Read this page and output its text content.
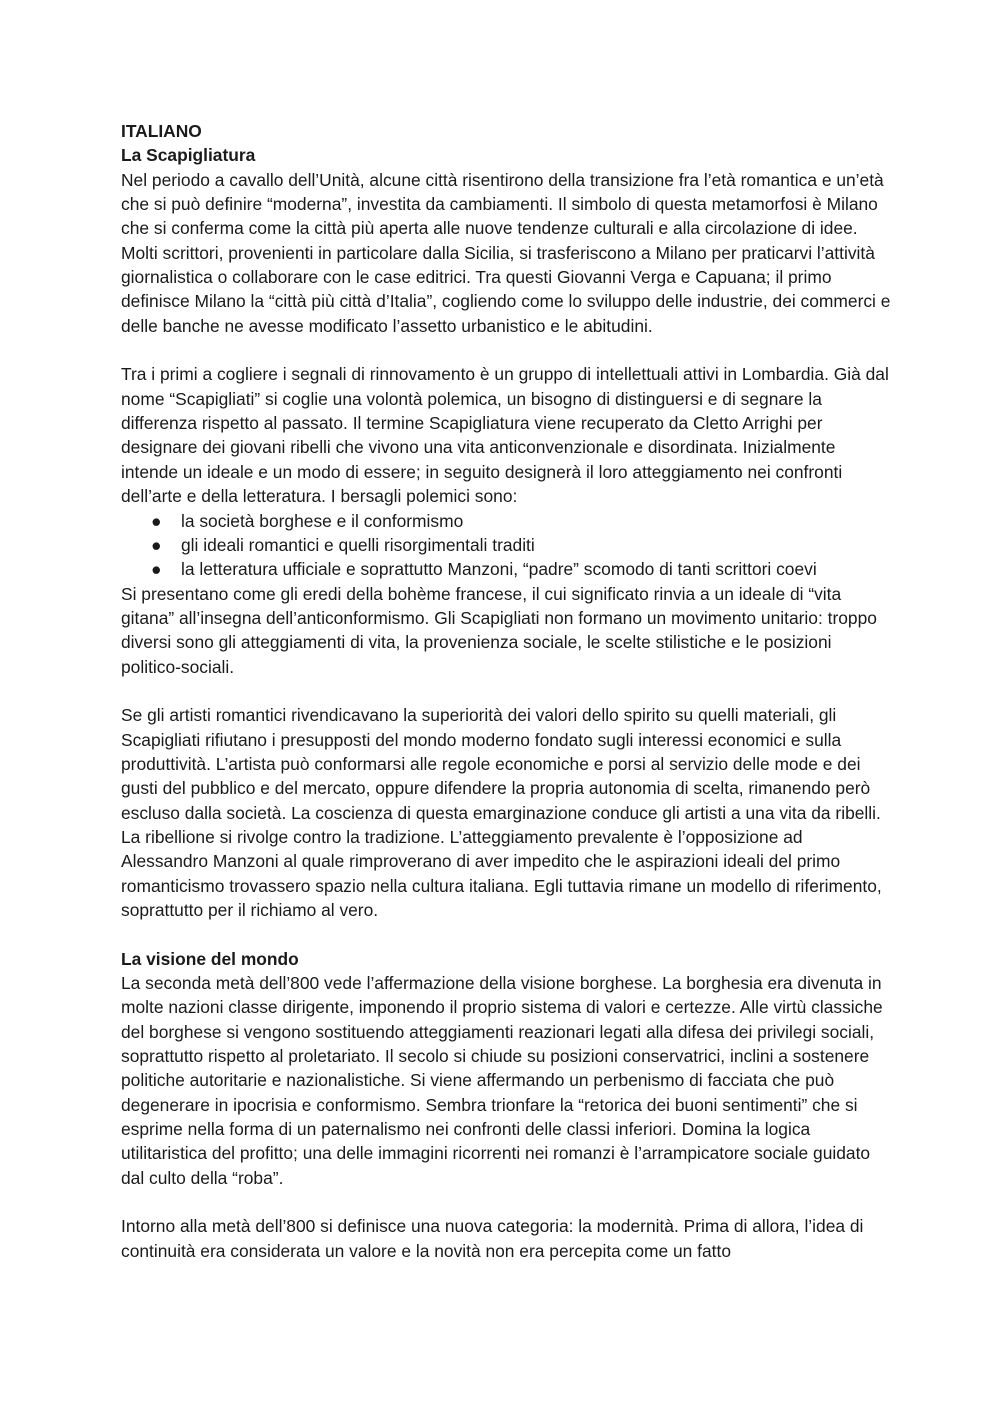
ITALIANO

La Scapigliatura

Nel periodo a cavallo dell’Unità, alcune città risentirono della transizione fra l’età romantica e un’età che si può definire “moderna”, investita da cambiamenti. Il simbolo di questa metamorfosi è Milano che si conferma come la città più aperta alle nuove tendenze culturali e alla circolazione di idee. Molti scrittori, provenienti in particolare dalla Sicilia, si trasferiscono a Milano per praticarvi l’attività giornalistica o collaborare con le case editrici. Tra questi Giovanni Verga e Capuana; il primo definisce Milano la “città più città d’Italia”, cogliendo come lo sviluppo delle industrie, dei commerci e delle banche ne avesse modificato l’assetto urbanistico e le abitudini.

Tra i primi a cogliere i segnali di rinnovamento è un gruppo di intellettuali attivi in Lombardia. Già dal nome “Scapigliati” si coglie una volontà polemica, un bisogno di distinguersi e di segnare la differenza rispetto al passato. Il termine Scapigliatura viene recuperato da Cletto Arrighi per designare dei giovani ribelli che vivono una vita anticonvenzionale e disordinata. Inizialmente intende un ideale e un modo di essere; in seguito designerà il loro atteggiamento nei confronti dell’arte e della letteratura. I bersagli polemici sono:

● la società borghese e il conformismo
● gli ideali romantici e quelli risorgimentali traditi
● la letteratura ufficiale e soprattutto Manzoni, “padre” scomodo di tanti scrittori coevi

Si presentano come gli eredi della bohème francese, il cui significato rinvia a un ideale di “vita gitana” all’insegna dell’anticonformismo. Gli Scapigliati non formano un movimento unitario: troppo diversi sono gli atteggiamenti di vita, la provenienza sociale, le scelte stilistiche e le posizioni politico-sociali.

Se gli artisti romantici rivendicavano la superiorità dei valori dello spirito su quelli materiali, gli Scapigliati rifiutano i presupposti del mondo moderno fondato sugli interessi economici e sulla produttività. L’artista può conformarsi alle regole economiche e porsi al servizio delle mode e dei gusti del pubblico e del mercato, oppure difendere la propria autonomia di scelta, rimanendo però escluso dalla società. La coscienza di questa emarginazione conduce gli artisti a una vita da ribelli. La ribellione si rivolge contro la tradizione. L’atteggiamento prevalente è l’opposizione ad Alessandro Manzoni al quale rimproverano di aver impedito che le aspirazioni ideali del primo romanticismo trovassero spazio nella cultura italiana. Egli tuttavia rimane un modello di riferimento, soprattutto per il richiamo al vero.

La visione del mondo

La seconda metà dell’800 vede l’affermazione della visione borghese. La borghesia era divenuta in molte nazioni classe dirigente, imponendo il proprio sistema di valori e certezze. Alle virtù classiche del borghese si vengono sostituendo atteggiamenti reazionari legati alla difesa dei privilegi sociali, soprattutto rispetto al proletariato. Il secolo si chiude su posizioni conservatrici, inclini a sostenere politiche autoritarie e nazionalistiche. Si viene affermando un perbenismo di facciata che può degenerare in ipocrisia e conformismo. Sembra trionfare la “retorica dei buoni sentimenti” che si esprime nella forma di un paternalismo nei confronti delle classi inferiori. Domina la logica utilitaristica del profitto; una delle immagini ricorrenti nei romanzi è l’arrampicatore sociale guidato dal culto della “roba”.

Intorno alla metà dell’800 si definisce una nuova categoria: la modernità. Prima di allora, l’idea di continuità era considerata un valore e la novità non era percepita come un fatto
